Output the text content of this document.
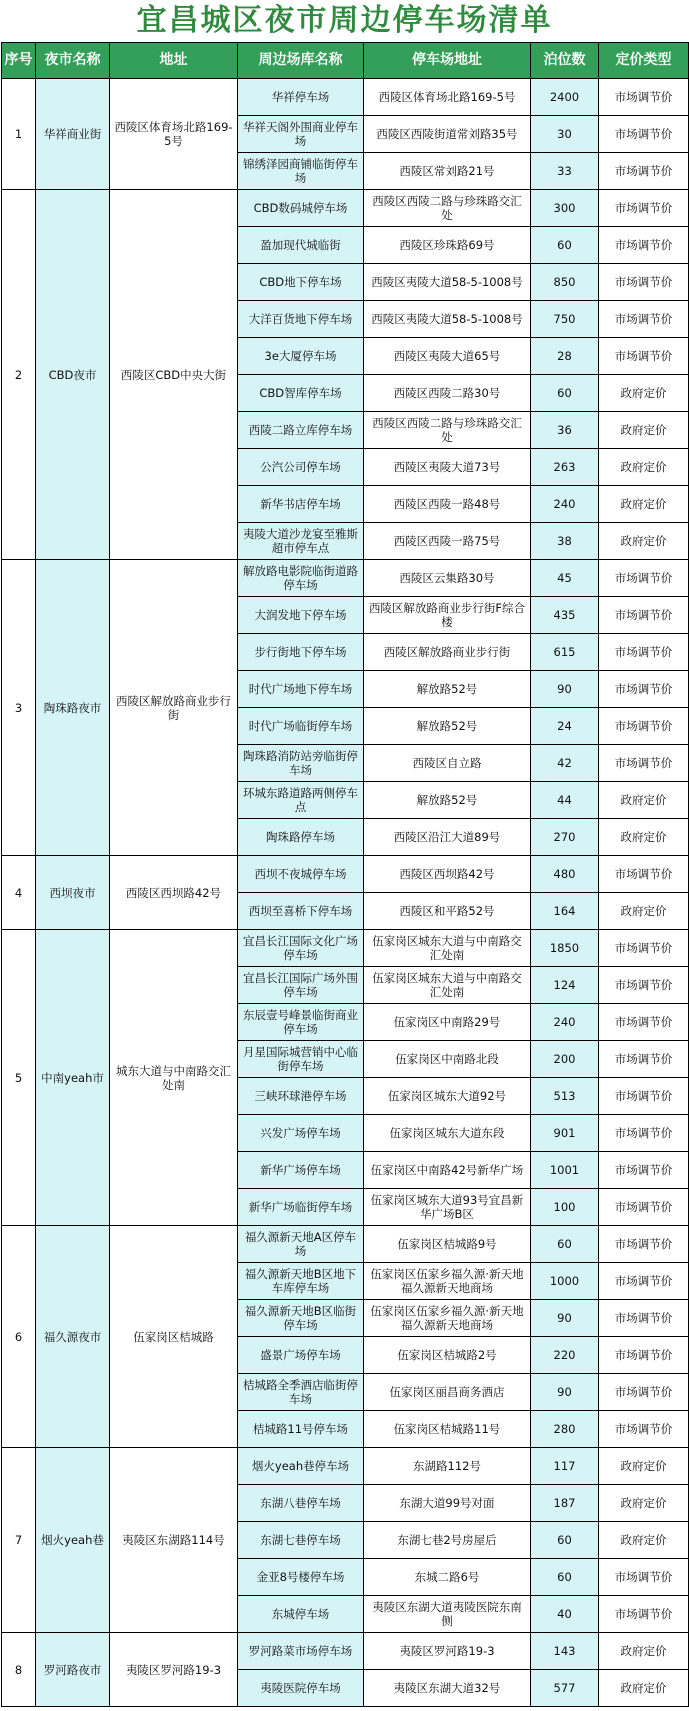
宜昌城区夜市周边停车场清单
序号	夜市名称	地址	周边场库名称	停车场地址	泊位数	定价类型
1	华祥商业街	西陵区体育场北路169-5号	华祥停车场	西陵区体育场北路169-5号	2400	市场调节价
			华祥天阁外围商业停车场	西陵区西陵街道常刘路35号	30	市场调节价
			锦绣泽园商铺临街停车场	西陵区常刘路21号	33	市场调节价
2	CBD夜市	西陵区CBD中央大街	CBD数码城停车场	西陵区西陵二路与珍珠路交汇处	300	市场调节价
			盈加现代城临街	西陵区珍珠路69号	60	市场调节价
			CBD地下停车场	西陵区夷陵大道58-5-1008号	850	市场调节价
			大洋百货地下停车场	西陵区夷陵大道58-5-1008号	750	市场调节价
			3e大厦停车场	西陵区夷陵大道65号	28	市场调节价
			CBD智库停车场	西陵区西陵二路30号	60	政府定价
			西陵二路立库停车场	西陵区西陵二路与珍珠路交汇处	36	政府定价
			公汽公司停车场	西陵区夷陵大道73号	263	政府定价
			新华书店停车场	西陵区西陵一路48号	240	政府定价
			夷陵大道沙龙宴至雅斯超市停车点	西陵区西陵一路75号	38	政府定价
3	陶珠路夜市	西陵区解放路商业步行街	解放路电影院临街道路停车场	西陵区云集路30号	45	市场调节价
			大润发地下停车场	西陵区解放路商业步行街F综合楼	435	市场调节价
			步行街地下停车场	西陵区解放路商业步行街	615	市场调节价
			时代广场地下停车场	解放路52号	90	市场调节价
			时代广场临街停车场	解放路52号	24	市场调节价
			陶珠路消防站旁临街停车场	西陵区自立路	42	市场调节价
			环城东路道路两侧停车点	解放路52号	44	政府定价
			陶珠路停车场	西陵区沿江大道89号	270	政府定价
4	西坝夜市	西陵区西坝路42号	西坝不夜城停车场	西陵区西坝路42号	480	市场调节价
			西坝至喜桥下停车场	西陵区和平路52号	164	政府定价
5	中南yeah市	城东大道与中南路交汇处南	宜昌长江国际文化广场停车场	伍家岗区城东大道与中南路交汇处南	1850	市场调节价
			宜昌长江国际广场外围停车场	伍家岗区城东大道与中南路交汇处南	124	市场调节价
			东辰壹号峰景临街商业停车场	伍家岗区中南路29号	240	市场调节价
			月星国际城营销中心临街停车场	伍家岗区中南路北段	200	市场调节价
			三峡环球港停车场	伍家岗区城东大道92号	513	市场调节价
			兴发广场停车场	伍家岗区城东大道东段	901	市场调节价
			新华广场停车场	伍家岗区中南路42号新华广场	1001	市场调节价
			新华广场临街停车场	伍家岗区城东大道93号宜昌新华广场B区	100	市场调节价
6	福久源夜市	伍家岗区桔城路	福久源新天地A区停车场	伍家岗区桔城路9号	60	市场调节价
			福久源新天地B区地下车库停车场	伍家岗区伍家乡福久源·新天地福久源新天地商场	1000	市场调节价
			福久源新天地B区临街停车场	伍家岗区伍家乡福久源·新天地福久源新天地商场	90	市场调节价
			盛景广场停车场	伍家岗区桔城路2号	220	市场调节价
			桔城路全季酒店临街停车场	伍家岗区丽昌商务酒店	90	市场调节价
			桔城路11号停车场	伍家岗区桔城路11号	280	市场调节价
7	烟火yeah巷	夷陵区东湖路114号	烟火yeah巷停车场	东湖路112号	117	政府定价
			东湖八巷停车场	东湖大道99号对面	187	政府定价
			东湖七巷停车场	东湖七巷2号房屋后	60	政府定价
			金亚8号楼停车场	东城二路6号	60	市场调节价
			东城停车场	夷陵区东湖大道夷陵医院东南侧	40	市场调节价
8	罗河路夜市	夷陵区罗河路19-3	罗河路菜市场停车场	夷陵区罗河路19-3	143	政府定价
			夷陵医院停车场	夷陵区东湖大道32号	577	政府定价
